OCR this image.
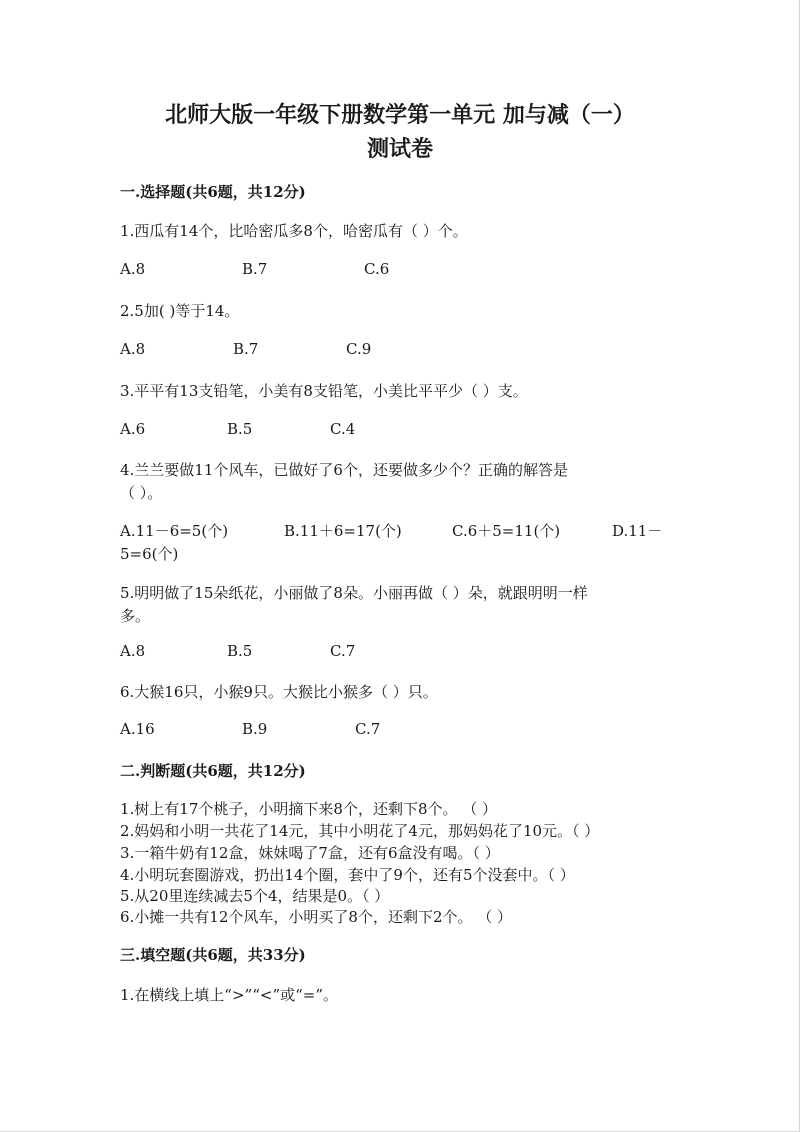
北师大版一年级下册数学第一单元 加与减（一）
测试卷
一.选择题(共6题，共12分)
1.西瓜有14个，比哈密瓜多8个，哈密瓜有（ ）个。
A.8	B.7	C.6
2.5加( )等于14。
A.8	B.7	C.9
3.平平有13支铅笔，小美有8支铅笔，小美比平平少（ ）支。
A.6	B.5	C.4
4.兰兰要做11个风车，已做好了6个，还要做多少个？正确的解答是
（ ）。
A.11－6=5(个)	B.11＋6=17(个)	C.6＋5=11(个)	D.11－
5=6(个)
5.明明做了15朵纸花，小丽做了8朵。小丽再做（ ）朵，就跟明明一样
多。
A.8	B.5	C.7
6.大猴16只，小猴9只。大猴比小猴多（ ）只。
A.16	B.9	C.7
二.判断题(共6题，共12分)
1.树上有17个桃子，小明摘下来8个，还剩下8个。 （ ）
2.妈妈和小明一共花了14元，其中小明花了4元，那妈妈花了10元。（ ）
3.一箱牛奶有12盒，妹妹喝了7盒，还有6盒没有喝。（ ）
4.小明玩套圈游戏，扔出14个圈，套中了9个，还有5个没套中。（ ）
5.从20里连续减去5个4，结果是0。（ ）
6.小摊一共有12个风车，小明买了8个，还剩下2个。 （ ）
三.填空题(共6题，共33分)
1.在横线上填上“>”“<”或“=”。
